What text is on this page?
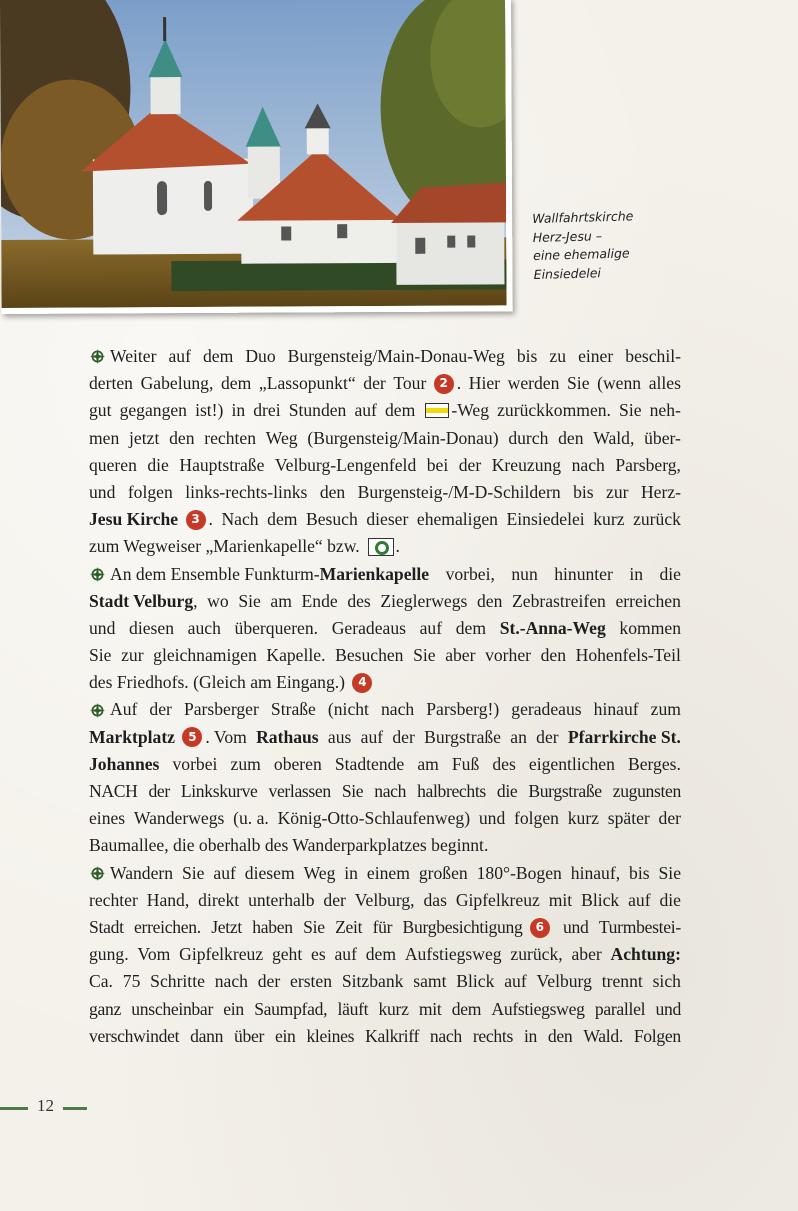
Wallfahrtskirche
Herz-Jesu –
eine ehemalige
Einsiedelei
Weiter auf dem Duo Burgensteig/Main-Donau-Weg bis zu einer beschil-
derten Gabelung, dem „Lassopunkt“ der Tour
	2 . Hier werden Sie (wenn alles
gut gegangen ist!) in drei Stunden auf dem -Weg zurückkommen. Sie neh-
men jetzt den rechten Weg (Burgensteig/Main-Donau) durch den Wald, über-
queren die Hauptstraße Velburg-Lengenfeld bei der Kreuzung nach Parsberg,
und folgen links-rechts-links den Burgensteig-/M-D-Schildern bis zur Herz-
Jesu Kirche
	3 . Nach dem Besuch dieser ehemaligen Einsiedelei kurz zurück
zum Wegweiser „Marienkapelle“ bzw. .
An dem Ensemble Funkturm- Marienkapelle vorbei, nun hinunter in die
Stadt Velburg , wo Sie am Ende des Zieglerwegs den Zebrastreifen erreichen
und diesen auch überqueren. Geradeaus auf dem St.-Anna-Weg kommen
Sie zur gleichnamigen Kapelle. Besuchen Sie aber vorher den Hohenfels-Teil
des Friedhofs. (Gleich am Eingang.)	4
Auf der Parsberger Straße (nicht nach Parsberg!) geradeaus hinauf zum
Marktplatz
	5 . Vom Rathaus aus auf der Burgstraße an der Pfarrkirche St.
Johannes vorbei zum oberen Stadtende am Fuß des eigentlichen Berges.
NACH der Linkskurve verlassen Sie nach halbrechts die Burgstraße zugunsten
eines Wanderwegs (u. a. König-Otto-Schlaufenweg) und folgen kurz später der
Baumallee, die oberhalb des Wanderparkplatzes beginnt.
Wandern Sie auf diesem Weg in einem großen 180°-Bogen hinauf, bis Sie
rechter Hand, direkt unterhalb der Velburg, das Gipfelkreuz mit Blick auf die
Stadt erreichen. Jetzt haben Sie Zeit für Burgbesichtigung
	6	und Turmbestei-
gung. Vom Gipfelkreuz geht es auf dem Aufstiegsweg zurück, aber Achtung:
Ca. 75 Schritte nach der ersten Sitzbank samt Blick auf Velburg trennt sich
ganz unscheinbar ein Saumpfad, läuft kurz mit dem Aufstiegsweg parallel und
verschwindet dann über ein kleines Kalkriff nach rechts in den Wald. Folgen
12
